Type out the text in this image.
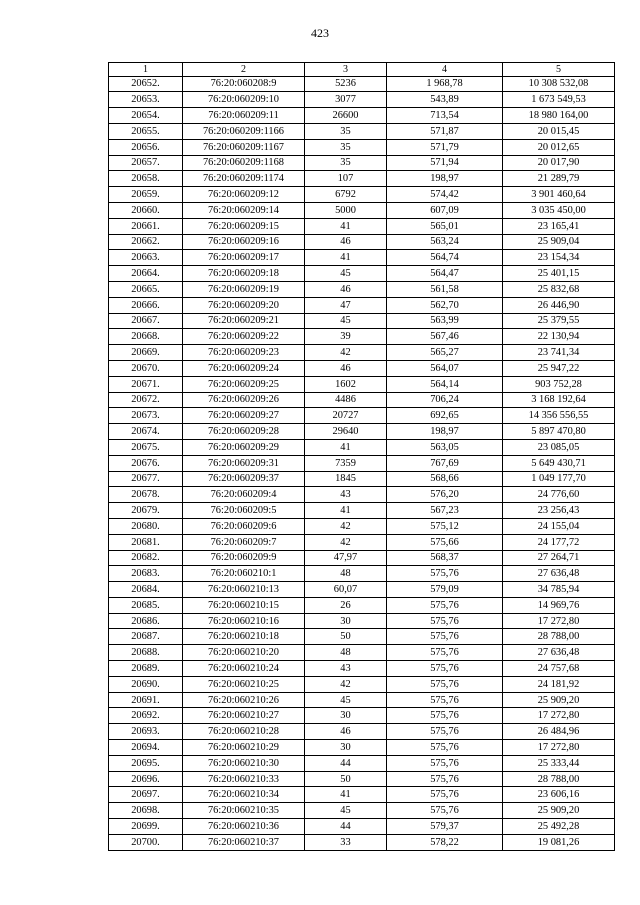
423
1	2	3	4	5
20652.	76:20:060208:9	5236	1 968,78	10 308 532,08
20653.	76:20:060209:10	3077	543,89	1 673 549,53
20654.	76:20:060209:11	26600	713,54	18 980 164,00
20655.	76:20:060209:1166	35	571,87	20 015,45
20656.	76:20:060209:1167	35	571,79	20 012,65
20657.	76:20:060209:1168	35	571,94	20 017,90
20658.	76:20:060209:1174	107	198,97	21 289,79
20659.	76:20:060209:12	6792	574,42	3 901 460,64
20660.	76:20:060209:14	5000	607,09	3 035 450,00
20661.	76:20:060209:15	41	565,01	23 165,41
20662.	76:20:060209:16	46	563,24	25 909,04
20663.	76:20:060209:17	41	564,74	23 154,34
20664.	76:20:060209:18	45	564,47	25 401,15
20665.	76:20:060209:19	46	561,58	25 832,68
20666.	76:20:060209:20	47	562,70	26 446,90
20667.	76:20:060209:21	45	563,99	25 379,55
20668.	76:20:060209:22	39	567,46	22 130,94
20669.	76:20:060209:23	42	565,27	23 741,34
20670.	76:20:060209:24	46	564,07	25 947,22
20671.	76:20:060209:25	1602	564,14	903 752,28
20672.	76:20:060209:26	4486	706,24	3 168 192,64
20673.	76:20:060209:27	20727	692,65	14 356 556,55
20674.	76:20:060209:28	29640	198,97	5 897 470,80
20675.	76:20:060209:29	41	563,05	23 085,05
20676.	76:20:060209:31	7359	767,69	5 649 430,71
20677.	76:20:060209:37	1845	568,66	1 049 177,70
20678.	76:20:060209:4	43	576,20	24 776,60
20679.	76:20:060209:5	41	567,23	23 256,43
20680.	76:20:060209:6	42	575,12	24 155,04
20681.	76:20:060209:7	42	575,66	24 177,72
20682.	76:20:060209:9	47,97	568,37	27 264,71
20683.	76:20:060210:1	48	575,76	27 636,48
20684.	76:20:060210:13	60,07	579,09	34 785,94
20685.	76:20:060210:15	26	575,76	14 969,76
20686.	76:20:060210:16	30	575,76	17 272,80
20687.	76:20:060210:18	50	575,76	28 788,00
20688.	76:20:060210:20	48	575,76	27 636,48
20689.	76:20:060210:24	43	575,76	24 757,68
20690.	76:20:060210:25	42	575,76	24 181,92
20691.	76:20:060210:26	45	575,76	25 909,20
20692.	76:20:060210:27	30	575,76	17 272,80
20693.	76:20:060210:28	46	575,76	26 484,96
20694.	76:20:060210:29	30	575,76	17 272,80
20695.	76:20:060210:30	44	575,76	25 333,44
20696.	76:20:060210:33	50	575,76	28 788,00
20697.	76:20:060210:34	41	575,76	23 606,16
20698.	76:20:060210:35	45	575,76	25 909,20
20699.	76:20:060210:36	44	579,37	25 492,28
20700.	76:20:060210:37	33	578,22	19 081,26
